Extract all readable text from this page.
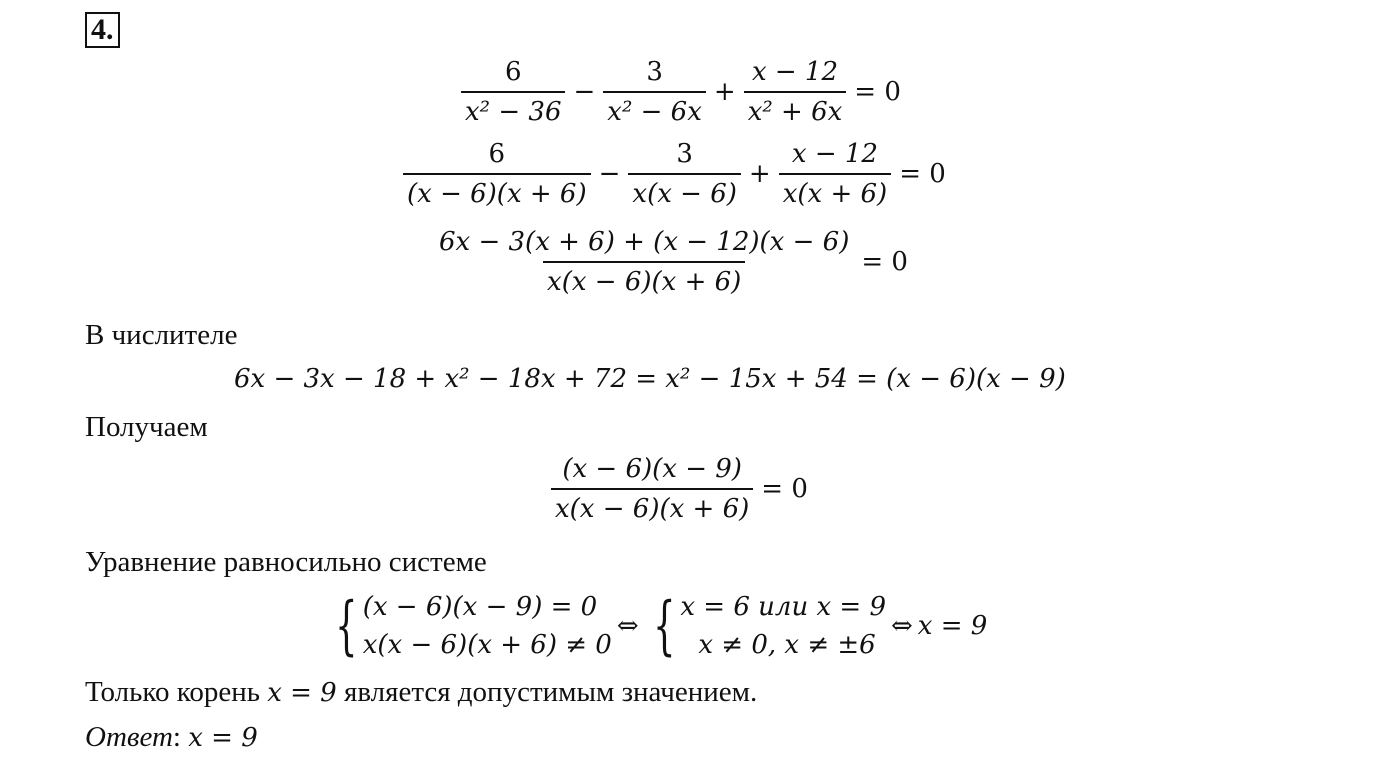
4.
$\frac{6}{\text{x² − 36}} - \frac{3}{\text{x² − 6x}} + \frac{x - 12}{\text{x² + 6x}} = 0$
$\frac{6}{(x - 6)(x + 6)} - \frac{3}{x(x - 6)} + \frac{x - 12}{x(x + 6)} = 0$
$\frac{6x - 3(x + 6) + (x - 12)(x - 6)}{x(x - 6)(x + 6)} = 0$
В числителе
6x − 3x − 18 + x² − 18x + 72 = x² − 15x + 54 = (x − 6)(x − 9)
Получаем
$\frac{(x - 6)(x - 9)}{x(x - 6)(x + 6)} = 0$
Уравнение равносильно системе
{ (x − 6)(x − 9) = 0
x(x − 6)(x + 6) ≠ 0
⇔ { x = 6 или x = 9
x ≠ 0, x ≠ ±6
⇔ x = 9
Только корень x = 9 является допустимым значением.
Ответ: x = 9
